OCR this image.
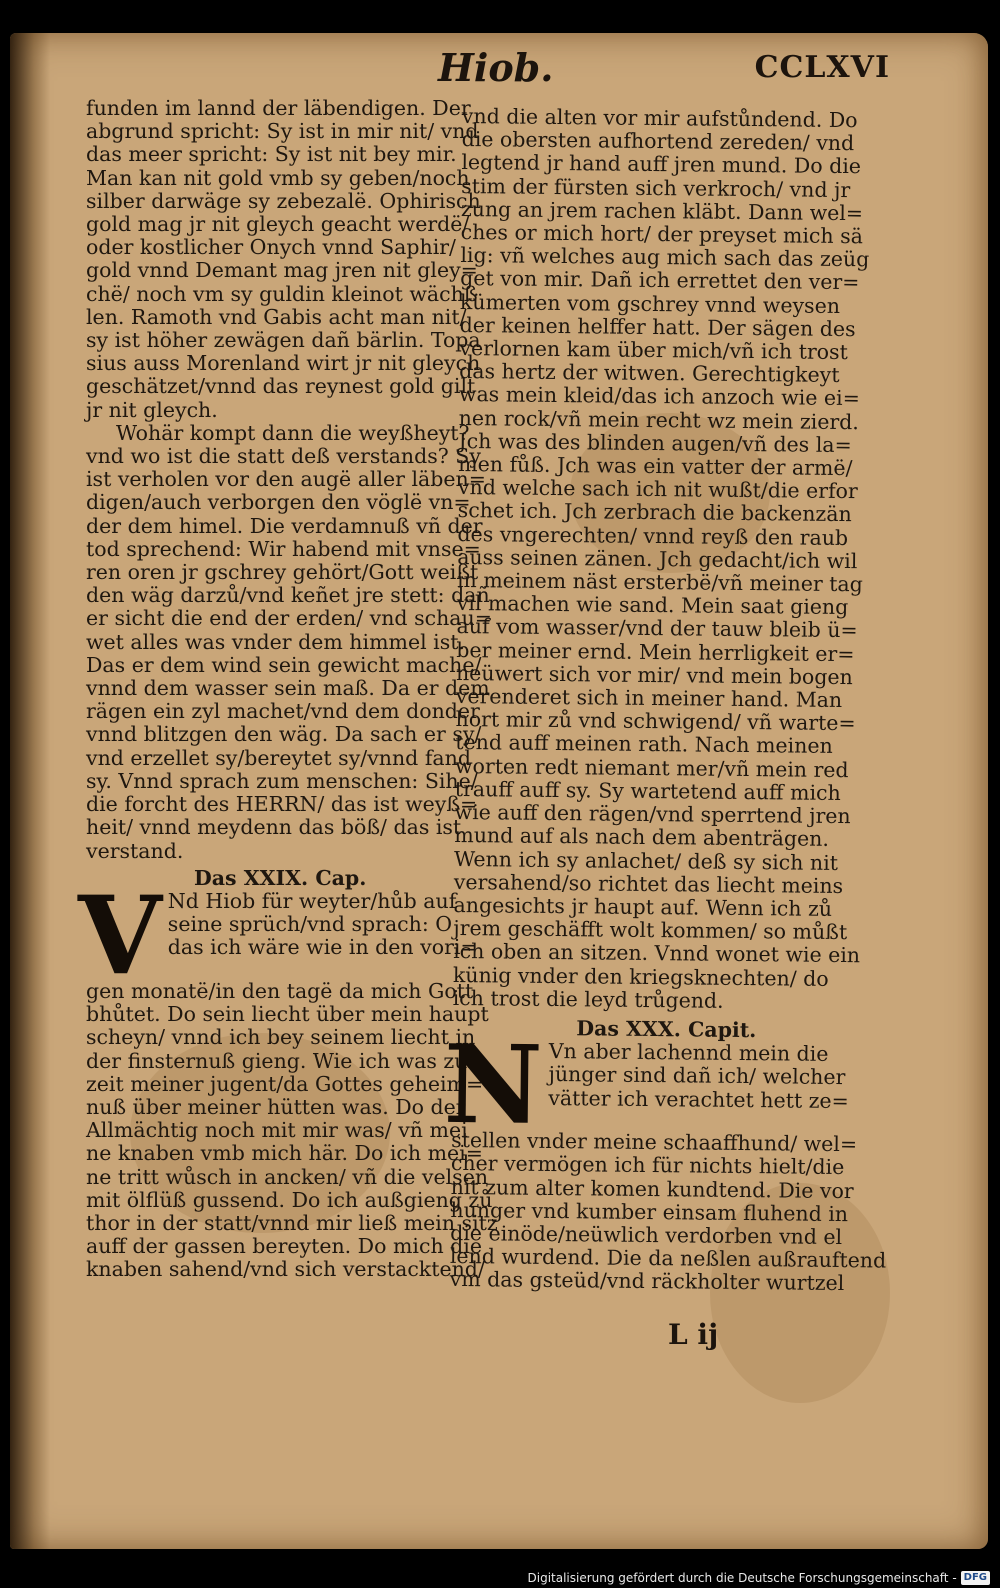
Hiob.	CCLXVI
funden im lannd der läbendigen. Der
abgrund spricht: Sy ist in mir nit/ vnd
das meer spricht: Sy ist nit bey mir.
Man kan nit gold vmb sy geben/noch
silber darwäge sy zebezalë. Ophirisch
gold mag jr nit gleych geacht werdë/
oder kostlicher Onych vnnd Saphir/
gold vnnd Demant mag jren nit gley=
chë/ noch vm sy guldin kleinot wächß
len. Ramoth vnd Gabis acht man nit/
sy ist höher zewägen dañ bärlin. Topa
sius auss Morenland wirt jr nit gleych
geschätzet/vnnd das reynest gold gilt
jr nit gleych.
Wohär kompt dann die weyßheyt?
vnd wo ist die statt deß verstands? Sy
ist verholen vor den augë aller läben=
digen/auch verborgen den vöglë vn=
der dem himel. Die verdamnuß vñ der
tod sprechend: Wir habend mit vnse=
ren oren jr gschrey gehört/Gott weißt
den wäg darzů/vnd keñet jre stett: dañ
er sicht die end der erden/ vnd schau=
wet alles was vnder dem himmel ist.
Das er dem wind sein gewicht mache/
vnnd dem wasser sein maß. Da er dem
rägen ein zyl machet/vnd dem donder
vnnd blitzgen den wäg. Da sach er sy/
vnd erzellet sy/bereytet sy/vnnd fand
sy. Vnnd sprach zum menschen: Sihe/
die forcht des HERRN/ das ist weyß=
heit/ vnnd meydenn das böß/ das ist
verstand.
Das XXIX. Cap.
V Nd Hiob für weyter/hůb auf
seine sprüch/vnd sprach: O
das ich wäre wie in den vori=
gen monatë/in den tagë da mich Gott
bhůtet. Do sein liecht über mein haupt
scheyn/ vnnd ich bey seinem liecht in
der finsternuß gieng. Wie ich was zur
zeit meiner jugent/da Gottes geheim=
nuß über meiner hütten was. Do der
Allmächtig noch mit mir was/ vñ mei
ne knaben vmb mich här. Do ich mei=
ne tritt wůsch in ancken/ vñ die velsen
mit ölflüß gussend. Do ich außgieng zů
thor in der statt/vnnd mir ließ mein sitz
auff der gassen bereyten. Do mich die
knaben sahend/vnd sich verstacktend/
vnd die alten vor mir aufstůndend. Do
die obersten aufhortend zereden/ vnd
legtend jr hand auff jren mund. Do die
stim der fürsten sich verkroch/ vnd jr
zung an jrem rachen kläbt. Dann wel=
ches or mich hort/ der preyset mich sä
lig: vñ welches aug mich sach das zeüg
get von mir. Dañ ich errettet den ver=
kümerten vom gschrey vnnd weysen
der keinen helffer hatt. Der sägen des
verlornen kam über mich/vñ ich trost
das hertz der witwen. Gerechtigkeyt
was mein kleid/das ich anzoch wie ei=
nen rock/vñ mein recht wz mein zierd.
Jch was des blinden augen/vñ des la=
men fůß. Jch was ein vatter der armë/
vnd welche sach ich nit wußt/die erfor
schet ich. Jch zerbrach die backenzän
des vngerechten/ vnnd reyß den raub
auss seinen zänen. Jch gedacht/ich wil
in meinem näst ersterbë/vñ meiner tag
vil machen wie sand. Mein saat gieng
auf vom wasser/vnd der tauw bleib ü=
ber meiner ernd. Mein herrligkeit er=
neüwert sich vor mir/ vnd mein bogen
verenderet sich in meiner hand. Man
hort mir zů vnd schwigend/ vñ warte=
tend auff meinen rath. Nach meinen
worten redt niemant mer/vñ mein red
trauff auff sy. Sy wartetend auff mich
wie auff den rägen/vnd sperrtend jren
mund auf als nach dem abenträgen.
Wenn ich sy anlachet/ deß sy sich nit
versahend/so richtet das liecht meins
angesichts jr haupt auf. Wenn ich zů
jrem geschäfft wolt kommen/ so můßt
ich oben an sitzen. Vnnd wonet wie ein
künig vnder den kriegsknechten/ do
ich trost die leyd trůgend.
Das XXX. Capit.
N Vn aber lachennd mein die
jünger sind dañ ich/ welcher
vätter ich verachtet hett ze=
stellen vnder meine schaaffhund/ wel=
cher vermögen ich für nichts hielt/die
nit zum alter komen kundtend. Die vor
hunger vnd kumber einsam fluhend in
die einöde/neüwlich verdorben vnd el
lend wurdend. Die da neßlen außrauftend
vm das gsteüd/vnd räckholter wurtzel
L ij
Digitalisierung gefördert durch die Deutsche Forschungsgemeinschaft - DFG
